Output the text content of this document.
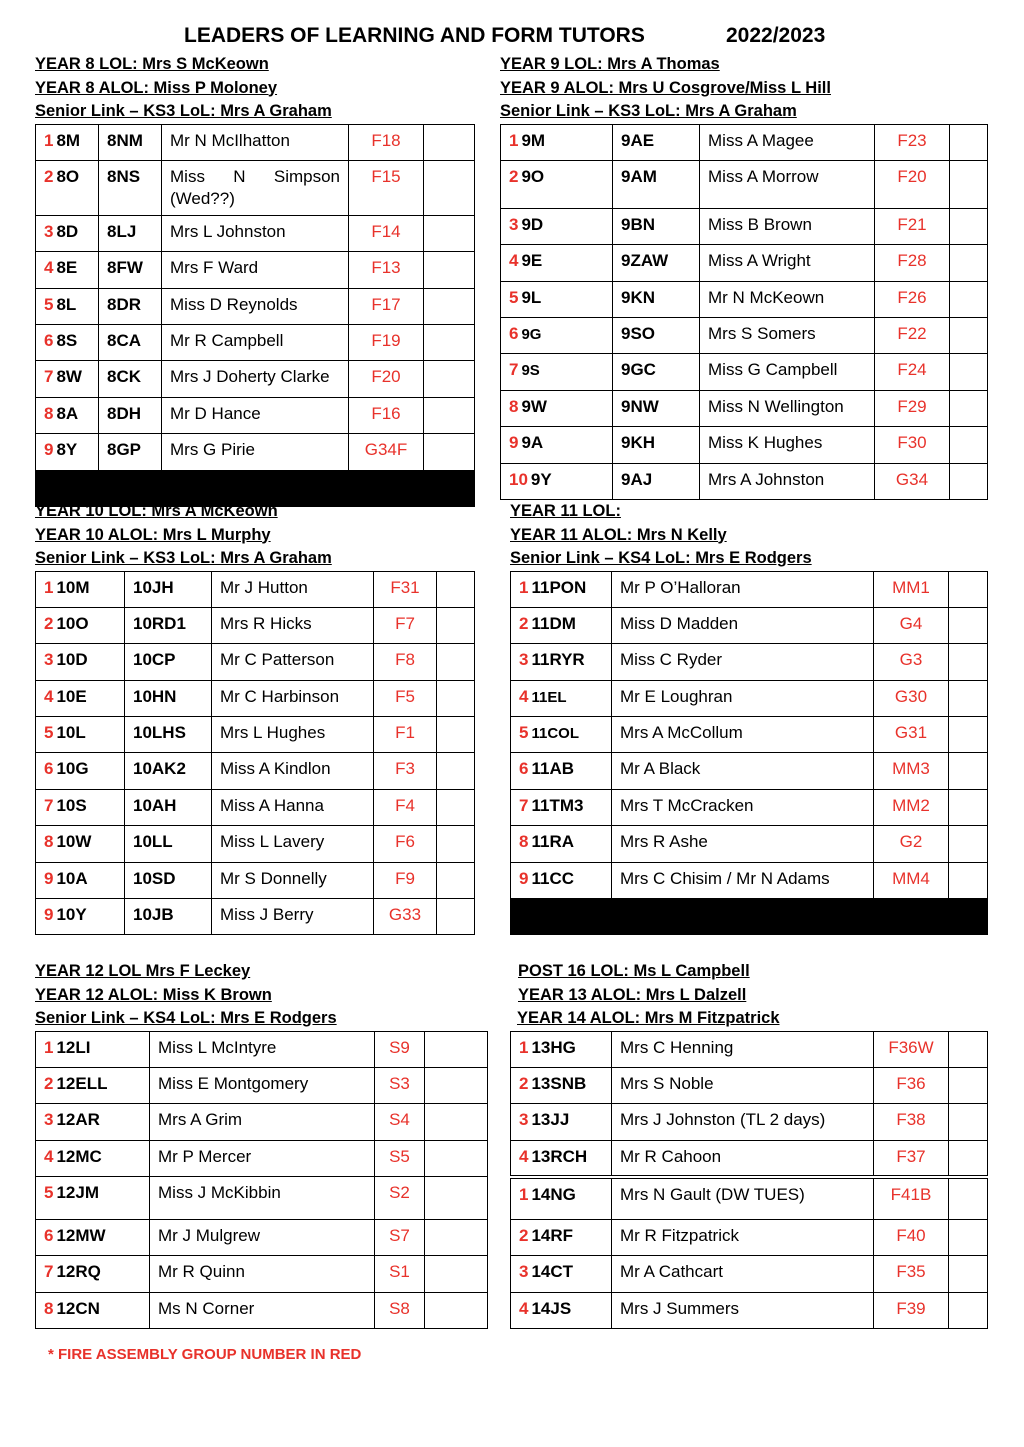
LEADERS OF LEARNING AND FORM TUTORS	2022/2023
YEAR 8 LOL: Mrs S McKeown
YEAR 8 ALOL: Miss P Moloney
Senior Link – KS3 LoL: Mrs A Graham
1 8M	8NM	Mr N McIlhatton	F18	
2 8O	8NS	Miss N Simpson (Wed??)	F15	
3 8D	8LJ	Mrs L Johnston	F14	
4 8E	8FW	Mrs F Ward	F13	
5 8L	8DR	Miss D Reynolds	F17	
6 8S	8CA	Mr R Campbell	F19	
7 8W	8CK	Mrs J Doherty Clarke	F20	
8 8A	8DH	Mr D Hance	F16	
9 8Y	8GP	Mrs G Pirie	G34F	

YEAR 9 LOL: Mrs A Thomas
YEAR 9 ALOL: Mrs U Cosgrove/Miss L Hill
Senior Link – KS3 LoL: Mrs A Graham
1 9M	9AE	Miss A Magee	F23	
2 9O	9AM	Miss A Morrow	F20	
3 9D	9BN	Miss B Brown	F21	
4 9E	9ZAW	Miss A Wright	F28	
5 9L	9KN	Mr N McKeown	F26	
6 9G	9SO	Mrs S Somers	F22	
7 9S	9GC	Miss G Campbell	F24	
8 9W	9NW	Miss N Wellington	F29	
9 9A	9KH	Miss K Hughes	F30	
10 9Y	9AJ	Mrs A Johnston	G34	
YEAR 10 LOL: Mrs A McKeown
YEAR 10 ALOL: Mrs L Murphy
Senior Link – KS3 LoL: Mrs A Graham
1 10M	10JH	Mr J Hutton	F31	
2 10O	10RD1	Mrs R Hicks	F7	
3 10D	10CP	Mr C Patterson	F8	
4 10E	10HN	Mr C Harbinson	F5	
5 10L	10LHS	Mrs L Hughes	F1	
6 10G	10AK2	Miss A Kindlon	F3	
7 10S	10AH	Miss A Hanna	F4	
8 10W	10LL	Miss L Lavery	F6	
9 10A	10SD	Mr S Donnelly	F9	
9 10Y	10JB	Miss J Berry	G33	
YEAR 11 LOL:
YEAR 11 ALOL: Mrs N Kelly
Senior Link – KS4 LoL: Mrs E Rodgers
1 11PON	Mr P O’Halloran	MM1	
2 11DM	Miss D Madden	G4	
3 11RYR	Miss C Ryder	G3	
4 11EL	Mr E Loughran	G30	
5 11COL	Mrs A McCollum	G31	
6 11AB	Mr A Black	MM3	
7 11TM3	Mrs T McCracken	MM2	
8 11RA	Mrs R Ashe	G2	
9 11CC	Mrs C Chisim / Mr N Adams	MM4	

YEAR 12 LOL Mrs F Leckey
YEAR 12 ALOL: Miss K Brown
Senior Link – KS4 LoL: Mrs E Rodgers
1 12LI	Miss L McIntyre	S9	
2 12ELL	Miss E Montgomery	S3	
3 12AR	Mrs A Grim	S4	
4 12MC	Mr P Mercer	S5	
5 12JM	Miss J McKibbin	S2	
6 12MW	Mr J Mulgrew	S7	
7 12RQ	Mr R Quinn	S1	
8 12CN	Ms N Corner	S8	
POST 16 LOL: Ms L Campbell
YEAR 13 ALOL: Mrs L Dalzell
YEAR 14 ALOL: Mrs M Fitzpatrick
1 13HG	Mrs C Henning	F36W	
2 13SNB	Mrs S Noble	F36	
3 13JJ	Mrs J Johnston (TL 2 days)	F38	
4 13RCH	Mr R Cahoon	F37	
1 14NG	Mrs N Gault (DW TUES)	F41B	
2 14RF	Mr R Fitzpatrick	F40	
3 14CT	Mr A Cathcart	F35	
4 14JS	Mrs J Summers	F39	
* FIRE ASSEMBLY GROUP NUMBER IN RED
